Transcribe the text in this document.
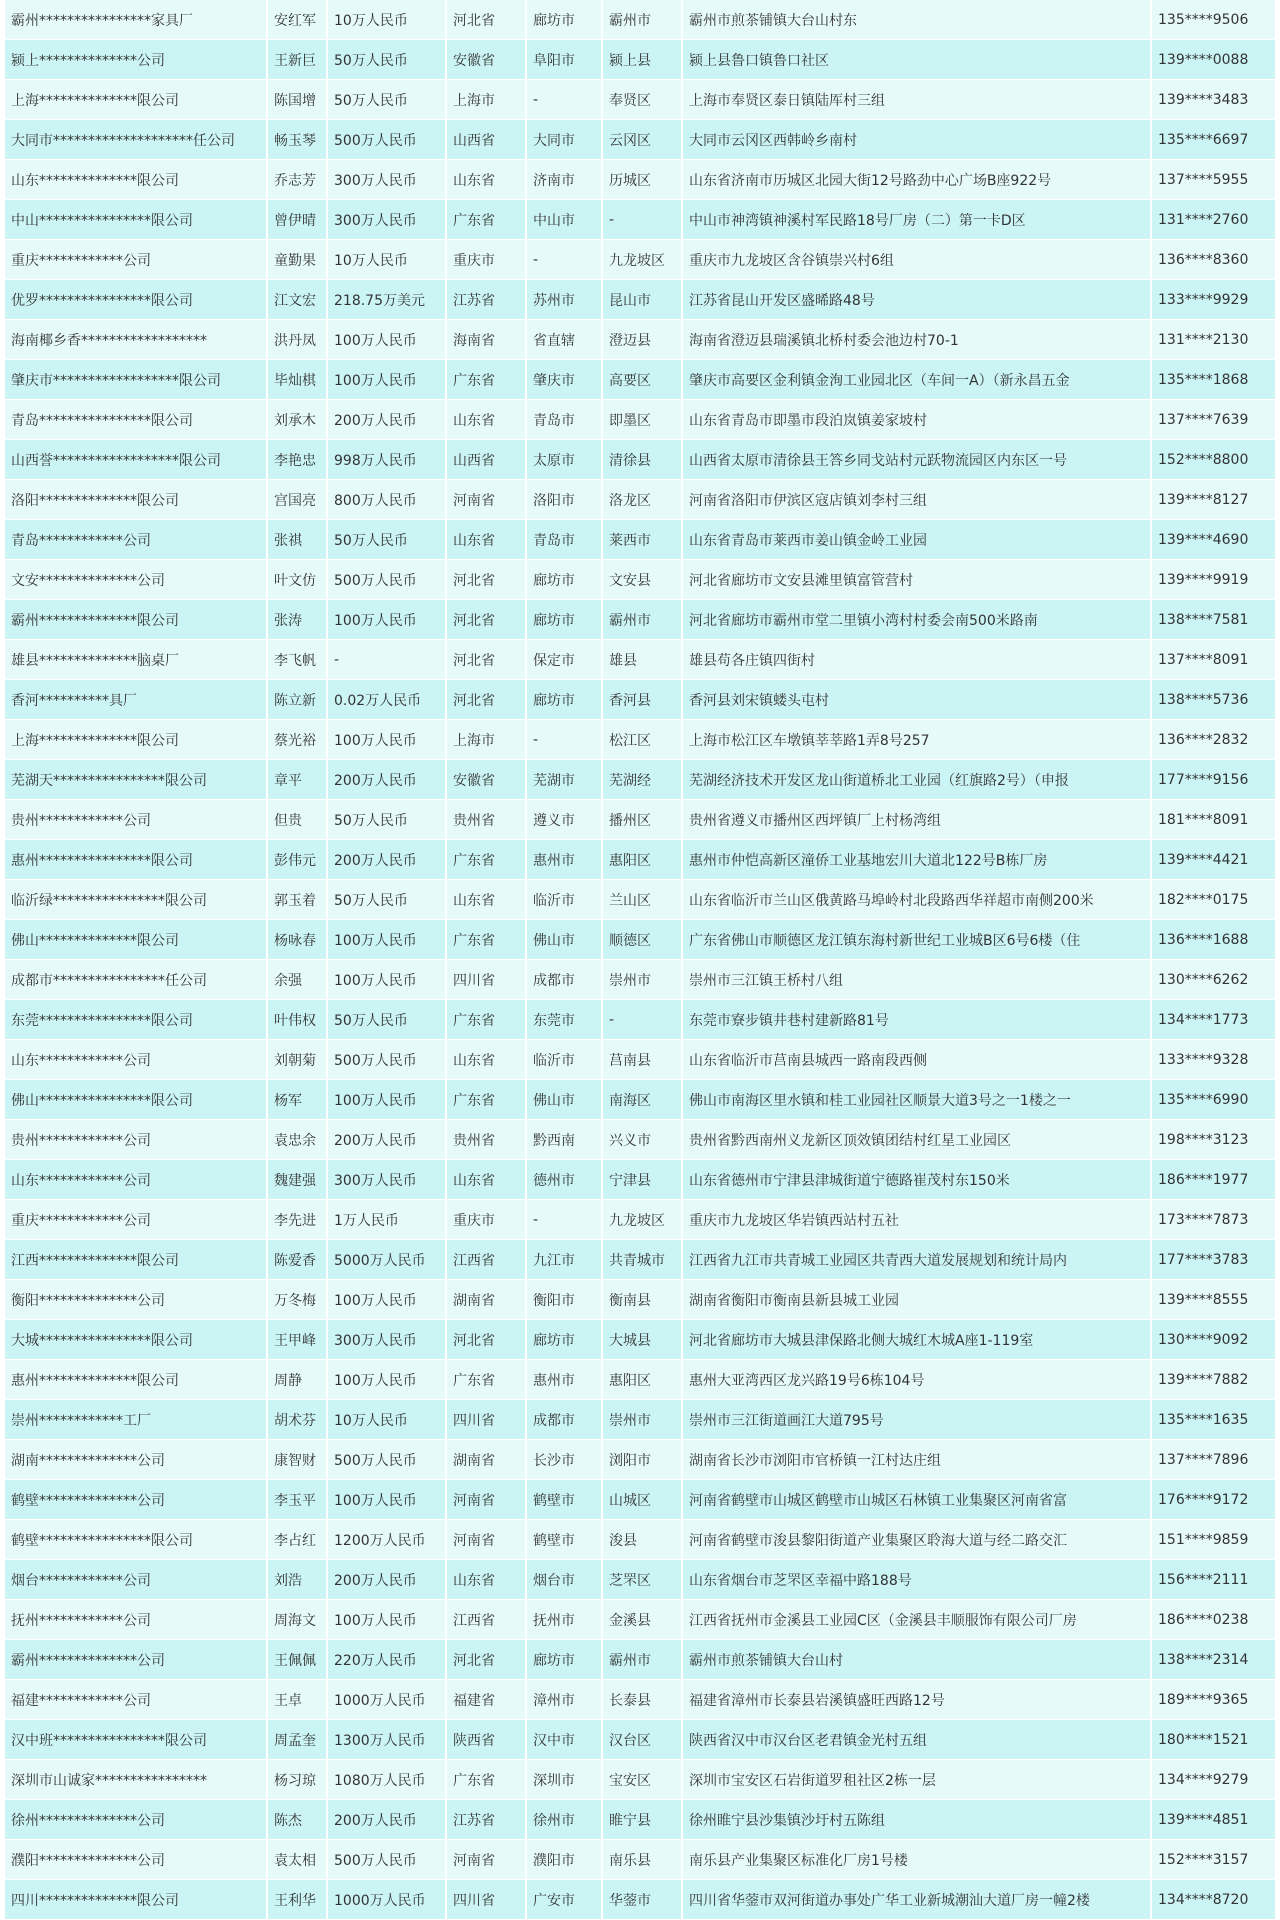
霸州****************家具厂	安红军	10万人民币	河北省	廊坊市	霸州市	霸州市煎茶铺镇大台山村东	135****9506
颍上**************公司	王新巨	50万人民币	安徽省	阜阳市	颍上县	颍上县鲁口镇鲁口社区	139****0088
上海**************限公司	陈国增	50万人民币	上海市	-	奉贤区	上海市奉贤区泰日镇陆厍村三组	139****3483
大同市********************任公司	畅玉琴	500万人民币	山西省	大同市	云冈区	大同市云冈区西韩岭乡南村	135****6697
山东**************限公司	乔志芳	300万人民币	山东省	济南市	历城区	山东省济南市历城区北园大街12号路劲中心广场B座922号	137****5955
中山****************限公司	曾伊晴	300万人民币	广东省	中山市	-	中山市神湾镇神溪村军民路18号厂房（二）第一卡D区	131****2760
重庆************公司	童勤果	10万人民币	重庆市	-	九龙坡区	重庆市九龙坡区含谷镇崇兴村6组	136****8360
优罗****************限公司	江文宏	218.75万美元	江苏省	苏州市	昆山市	江苏省昆山开发区盛晞路48号	133****9929
海南椰乡香******************	洪丹凤	100万人民币	海南省	省直辖	澄迈县	海南省澄迈县瑞溪镇北桥村委会池边村70-1	131****2130
肇庆市******************限公司	毕灿棋	100万人民币	广东省	肇庆市	高要区	肇庆市高要区金利镇金洵工业园北区（车间一A）（新永昌五金	135****1868
青岛****************限公司	刘承木	200万人民币	山东省	青岛市	即墨区	山东省青岛市即墨市段泊岚镇姜家坡村	137****7639
山西誉******************限公司	李艳忠	998万人民币	山西省	太原市	清徐县	山西省太原市清徐县王答乡同戈站村元跃物流园区内东区一号	152****8800
洛阳**************限公司	宫国亮	800万人民币	河南省	洛阳市	洛龙区	河南省洛阳市伊滨区寇店镇刘李村三组	139****8127
青岛************公司	张祺	50万人民币	山东省	青岛市	莱西市	山东省青岛市莱西市姜山镇金岭工业园	139****4690
文安**************公司	叶文仿	500万人民币	河北省	廊坊市	文安县	河北省廊坊市文安县滩里镇富管营村	139****9919
霸州**************限公司	张涛	100万人民币	河北省	廊坊市	霸州市	河北省廊坊市霸州市堂二里镇小湾村村委会南500米路南	138****7581
雄县**************脑桌厂	李飞帆	-	河北省	保定市	雄县	雄县苟各庄镇四街村	137****8091
香河**********具厂	陈立新	0.02万人民币	河北省	廊坊市	香河县	香河县刘宋镇蝼头屯村	138****5736
上海**************限公司	蔡光裕	100万人民币	上海市	-	松江区	上海市松江区车墩镇莘莘路1弄8号257	136****2832
芜湖天****************限公司	章平	200万人民币	安徽省	芜湖市	芜湖经	芜湖经济技术开发区龙山街道桥北工业园（红旗路2号）（申报	177****9156
贵州************公司	但贵	50万人民币	贵州省	遵义市	播州区	贵州省遵义市播州区西坪镇厂上村杨湾组	181****8091
惠州****************限公司	彭伟元	200万人民币	广东省	惠州市	惠阳区	惠州市仲恺高新区潼侨工业基地宏川大道北122号B栋厂房	139****4421
临沂绿****************限公司	郭玉着	50万人民币	山东省	临沂市	兰山区	山东省临沂市兰山区俄黄路马埠岭村北段路西华祥超市南侧200米	182****0175
佛山**************限公司	杨咏春	100万人民币	广东省	佛山市	顺德区	广东省佛山市顺德区龙江镇东海村新世纪工业城B区6号6楼（住	136****1688
成都市****************任公司	余强	100万人民币	四川省	成都市	崇州市	崇州市三江镇王桥村八组	130****6262
东莞****************限公司	叶伟权	50万人民币	广东省	东莞市	-	东莞市寮步镇井巷村建新路81号	134****1773
山东************公司	刘朝菊	500万人民币	山东省	临沂市	莒南县	山东省临沂市莒南县城西一路南段西侧	133****9328
佛山****************限公司	杨军	100万人民币	广东省	佛山市	南海区	佛山市南海区里水镇和桂工业园社区顺景大道3号之一1楼之一	135****6990
贵州************公司	袁忠余	200万人民币	贵州省	黔西南	兴义市	贵州省黔西南州义龙新区顶效镇团结村红星工业园区	198****3123
山东************公司	魏建强	300万人民币	山东省	德州市	宁津县	山东省德州市宁津县津城街道宁德路崔茂村东150米	186****1977
重庆************公司	李先进	1万人民币	重庆市	-	九龙坡区	重庆市九龙坡区华岩镇西站村五社	173****7873
江西**************限公司	陈爱香	5000万人民币	江西省	九江市	共青城市	江西省九江市共青城工业园区共青西大道发展规划和统计局内	177****3783
衡阳**************公司	万冬梅	100万人民币	湖南省	衡阳市	衡南县	湖南省衡阳市衡南县新县城工业园	139****8555
大城****************限公司	王甲峰	300万人民币	河北省	廊坊市	大城县	河北省廊坊市大城县津保路北侧大城红木城A座1-119室	130****9092
惠州**************限公司	周静	100万人民币	广东省	惠州市	惠阳区	惠州大亚湾西区龙兴路19号6栋104号	139****7882
崇州************工厂	胡术芬	10万人民币	四川省	成都市	崇州市	崇州市三江街道画江大道795号	135****1635
湖南**************公司	康智财	500万人民币	湖南省	长沙市	浏阳市	湖南省长沙市浏阳市官桥镇一江村达庄组	137****7896
鹤壁**************公司	李玉平	100万人民币	河南省	鹤壁市	山城区	河南省鹤壁市山城区鹤壁市山城区石林镇工业集聚区河南省富	176****9172
鹤壁****************限公司	李占红	1200万人民币	河南省	鹤壁市	浚县	河南省鹤壁市浚县黎阳街道产业集聚区聆海大道与经二路交汇	151****9859
烟台************公司	刘浩	200万人民币	山东省	烟台市	芝罘区	山东省烟台市芝罘区幸福中路188号	156****2111
抚州************公司	周海文	100万人民币	江西省	抚州市	金溪县	江西省抚州市金溪县工业园C区（金溪县丰顺服饰有限公司厂房	186****0238
霸州**************公司	王佩佩	220万人民币	河北省	廊坊市	霸州市	霸州市煎茶铺镇大台山村	138****2314
福建************公司	王卓	1000万人民币	福建省	漳州市	长泰县	福建省漳州市长泰县岩溪镇盛旺西路12号	189****9365
汉中班****************限公司	周孟奎	1300万人民币	陕西省	汉中市	汉台区	陕西省汉中市汉台区老君镇金光村五组	180****1521
深圳市山诚家****************	杨习琼	1080万人民币	广东省	深圳市	宝安区	深圳市宝安区石岩街道罗租社区2栋一层	134****9279
徐州**************公司	陈杰	200万人民币	江苏省	徐州市	睢宁县	徐州睢宁县沙集镇沙圩村五陈组	139****4851
濮阳**************公司	袁太相	500万人民币	河南省	濮阳市	南乐县	南乐县产业集聚区标准化厂房1号楼	152****3157
四川**************限公司	王利华	1000万人民币	四川省	广安市	华蓥市	四川省华蓥市双河街道办事处广华工业新城潮汕大道厂房一幢2楼	134****8720
